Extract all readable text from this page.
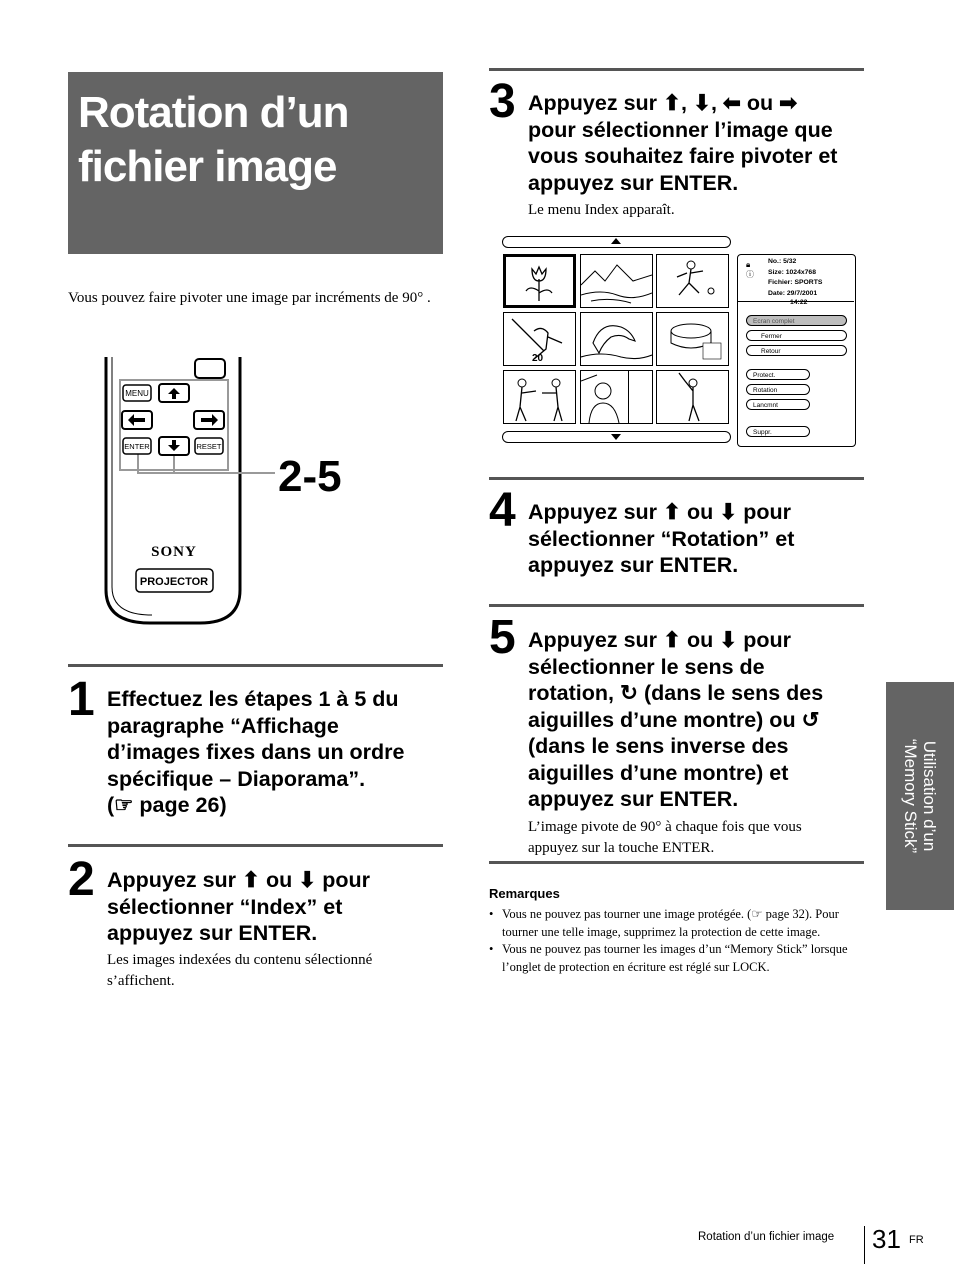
Rotation d’un
fichier image
Vous pouvez faire pivoter une image par incréments de 90° .
MENU
ENTER	RESET
SONY
PROJECTOR
2-5
1 Effectuez les étapes 1 à 5 du
paragraphe “Affichage
d’images fixes dans un ordre
spécifique – Diaporama”.
(☞ page 26)
2 Appuyez sur ⬆ ou ⬇ pour
sélectionner “Index” et
appuyez sur ENTER.
Les images indexées du contenu sélectionné
s’affichent.
3 Appuyez sur ⬆, ⬇, ⬅ ou ➡
pour sélectionner l’image que
vous souhaitez faire pivoter et
appuyez sur ENTER.
Le menu Index apparaît.
20
🔒︎
ⓘ
No.: 5/32
Size: 1024x768
Fichier: SPORTS
Date: 29/7/2001
14:22
Ecran complet
Fermer
Retour
Protect.
Rotation
Lancmnt
Suppr.
4 Appuyez sur ⬆ ou ⬇ pour
sélectionner “Rotation” et
appuyez sur ENTER.
5 Appuyez sur ⬆ ou ⬇ pour
sélectionner le sens de
rotation, ↻ (dans le sens des
aiguilles d’une montre) ou ↺
(dans le sens inverse des
aiguilles d’une montre) et
appuyez sur ENTER.
L’image pivote de 90° à chaque fois que vous
appuyez sur la touche ENTER.
Remarques
• Vous ne pouvez pas tourner une image protégée. (☞ page 32). Pour tourner une telle image, supprimez la protection de cette image.
• Vous ne pouvez pas tourner les images d’un “Memory Stick” lorsque l’onglet de protection en écriture est réglé sur LOCK.
Utilisation d’un
“Memory Stick”
Rotation d’un fichier image 31 FR
